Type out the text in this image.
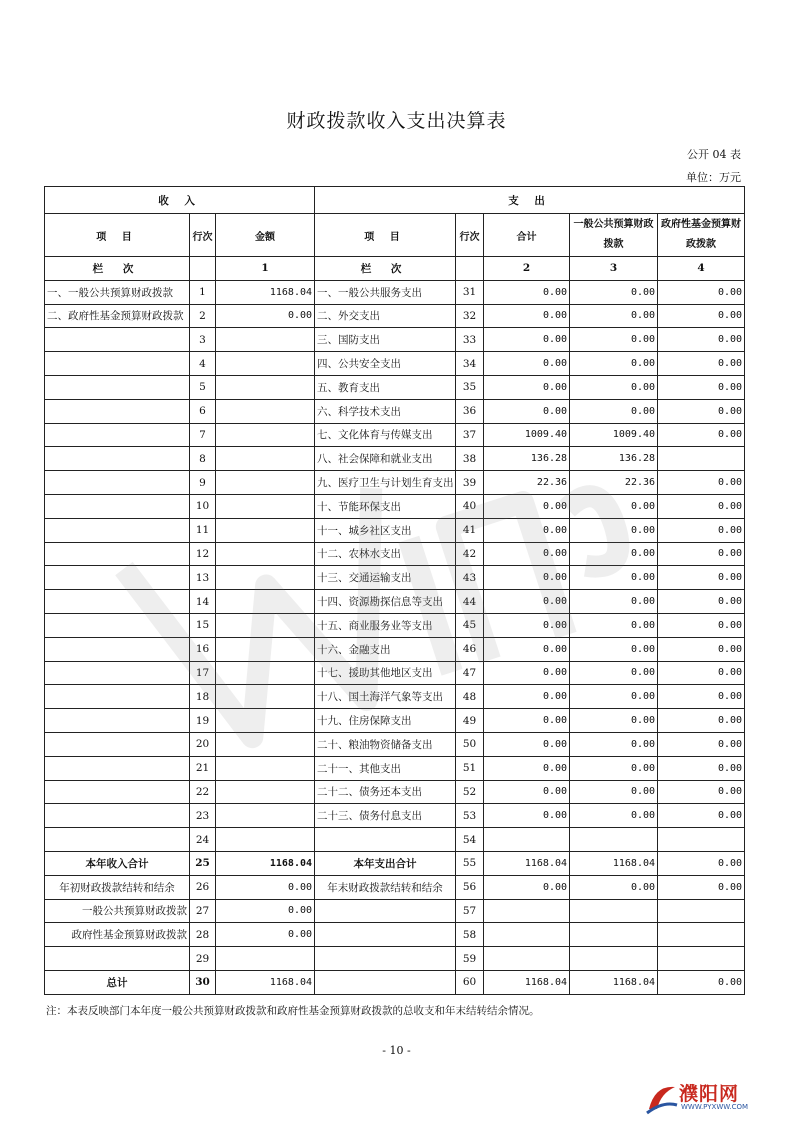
财政拨款收入支出决算表
公开 04 表
单位：万元
收 入			支 出				
项 目	行次	金额	项 目	行次	合计	一般公共预算财政拨款	政府性基金预算财政拨款
栏 次		1	栏 次		2	3	4
一、一般公共预算财政拨款	1	1168.04	一、一般公共服务支出	31	0.00	0.00	0.00
二、政府性基金预算财政拨款	2	0.00	二、外交支出	32	0.00	0.00	0.00
	3		三、国防支出	33	0.00	0.00	0.00
	4		四、公共安全支出	34	0.00	0.00	0.00
	5		五、教育支出	35	0.00	0.00	0.00
	6		六、科学技术支出	36	0.00	0.00	0.00
	7		七、文化体育与传媒支出	37	1009.40	1009.40	0.00
	8		八、社会保障和就业支出	38	136.28	136.28	
	9		九、医疗卫生与计划生育支出	39	22.36	22.36	0.00
	10		十、节能环保支出	40	0.00	0.00	0.00
	11		十一、城乡社区支出	41	0.00	0.00	0.00
	12		十二、农林水支出	42	0.00	0.00	0.00
	13		十三、交通运输支出	43	0.00	0.00	0.00
	14		十四、资源勘探信息等支出	44	0.00	0.00	0.00
	15		十五、商业服务业等支出	45	0.00	0.00	0.00
	16		十六、金融支出	46	0.00	0.00	0.00
	17		十七、援助其他地区支出	47	0.00	0.00	0.00
	18		十八、国土海洋气象等支出	48	0.00	0.00	0.00
	19		十九、住房保障支出	49	0.00	0.00	0.00
	20		二十、粮油物资储备支出	50	0.00	0.00	0.00
	21		二十一、其他支出	51	0.00	0.00	0.00
	22		二十二、债务还本支出	52	0.00	0.00	0.00
	23		二十三、债务付息支出	53	0.00	0.00	0.00
	24			54			
本年收入合计	25	1168.04	本年支出合计	55	1168.04	1168.04	0.00
年初财政拨款结转和结余	26	0.00	年末财政拨款结转和结余	56	0.00	0.00	0.00
一般公共预算财政拨款	27	0.00		57			
政府性基金预算财政拨款	28	0.00		58			
	29			59			
总计	30	1168.04		60	1168.04	1168.04	0.00
注：本表反映部门本年度一般公共预算财政拨款和政府性基金预算财政拨款的总收支和年末结转结余情况。
- 10 -
濮阳网
WWW.PYXWW.COM
